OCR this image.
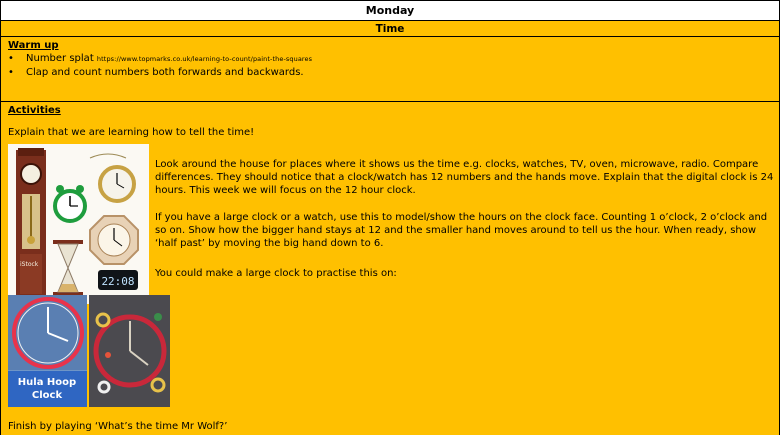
Monday
Time
Warm up
• Number splat https://www.topmarks.co.uk/learning-to-count/paint-the-squares
• Clap and count numbers both forwards and backwards.
Activities
Explain that we are learning how to tell the time!
22:08
iStock
Look around the house for places where it shows us the time e.g. clocks, watches, TV, oven, microwave, radio. Compare differences. They should notice that a clock/watch has 12 numbers and the hands move. Explain that the digital clock is 24 hours. This week we will focus on the 12 hour clock.
If you have a large clock or a watch, use this to model/show the hours on the clock face. Counting 1 o’clock, 2 o’clock and so on. Show how the bigger hand stays at 12 and the smaller hand moves around to tell us the hour. When ready, show ‘half past’ by moving the big hand down to 6.
You could make a large clock to practise this on:
Hula Hoop
Clock
Finish by playing ‘What’s the time Mr Wolf?’
